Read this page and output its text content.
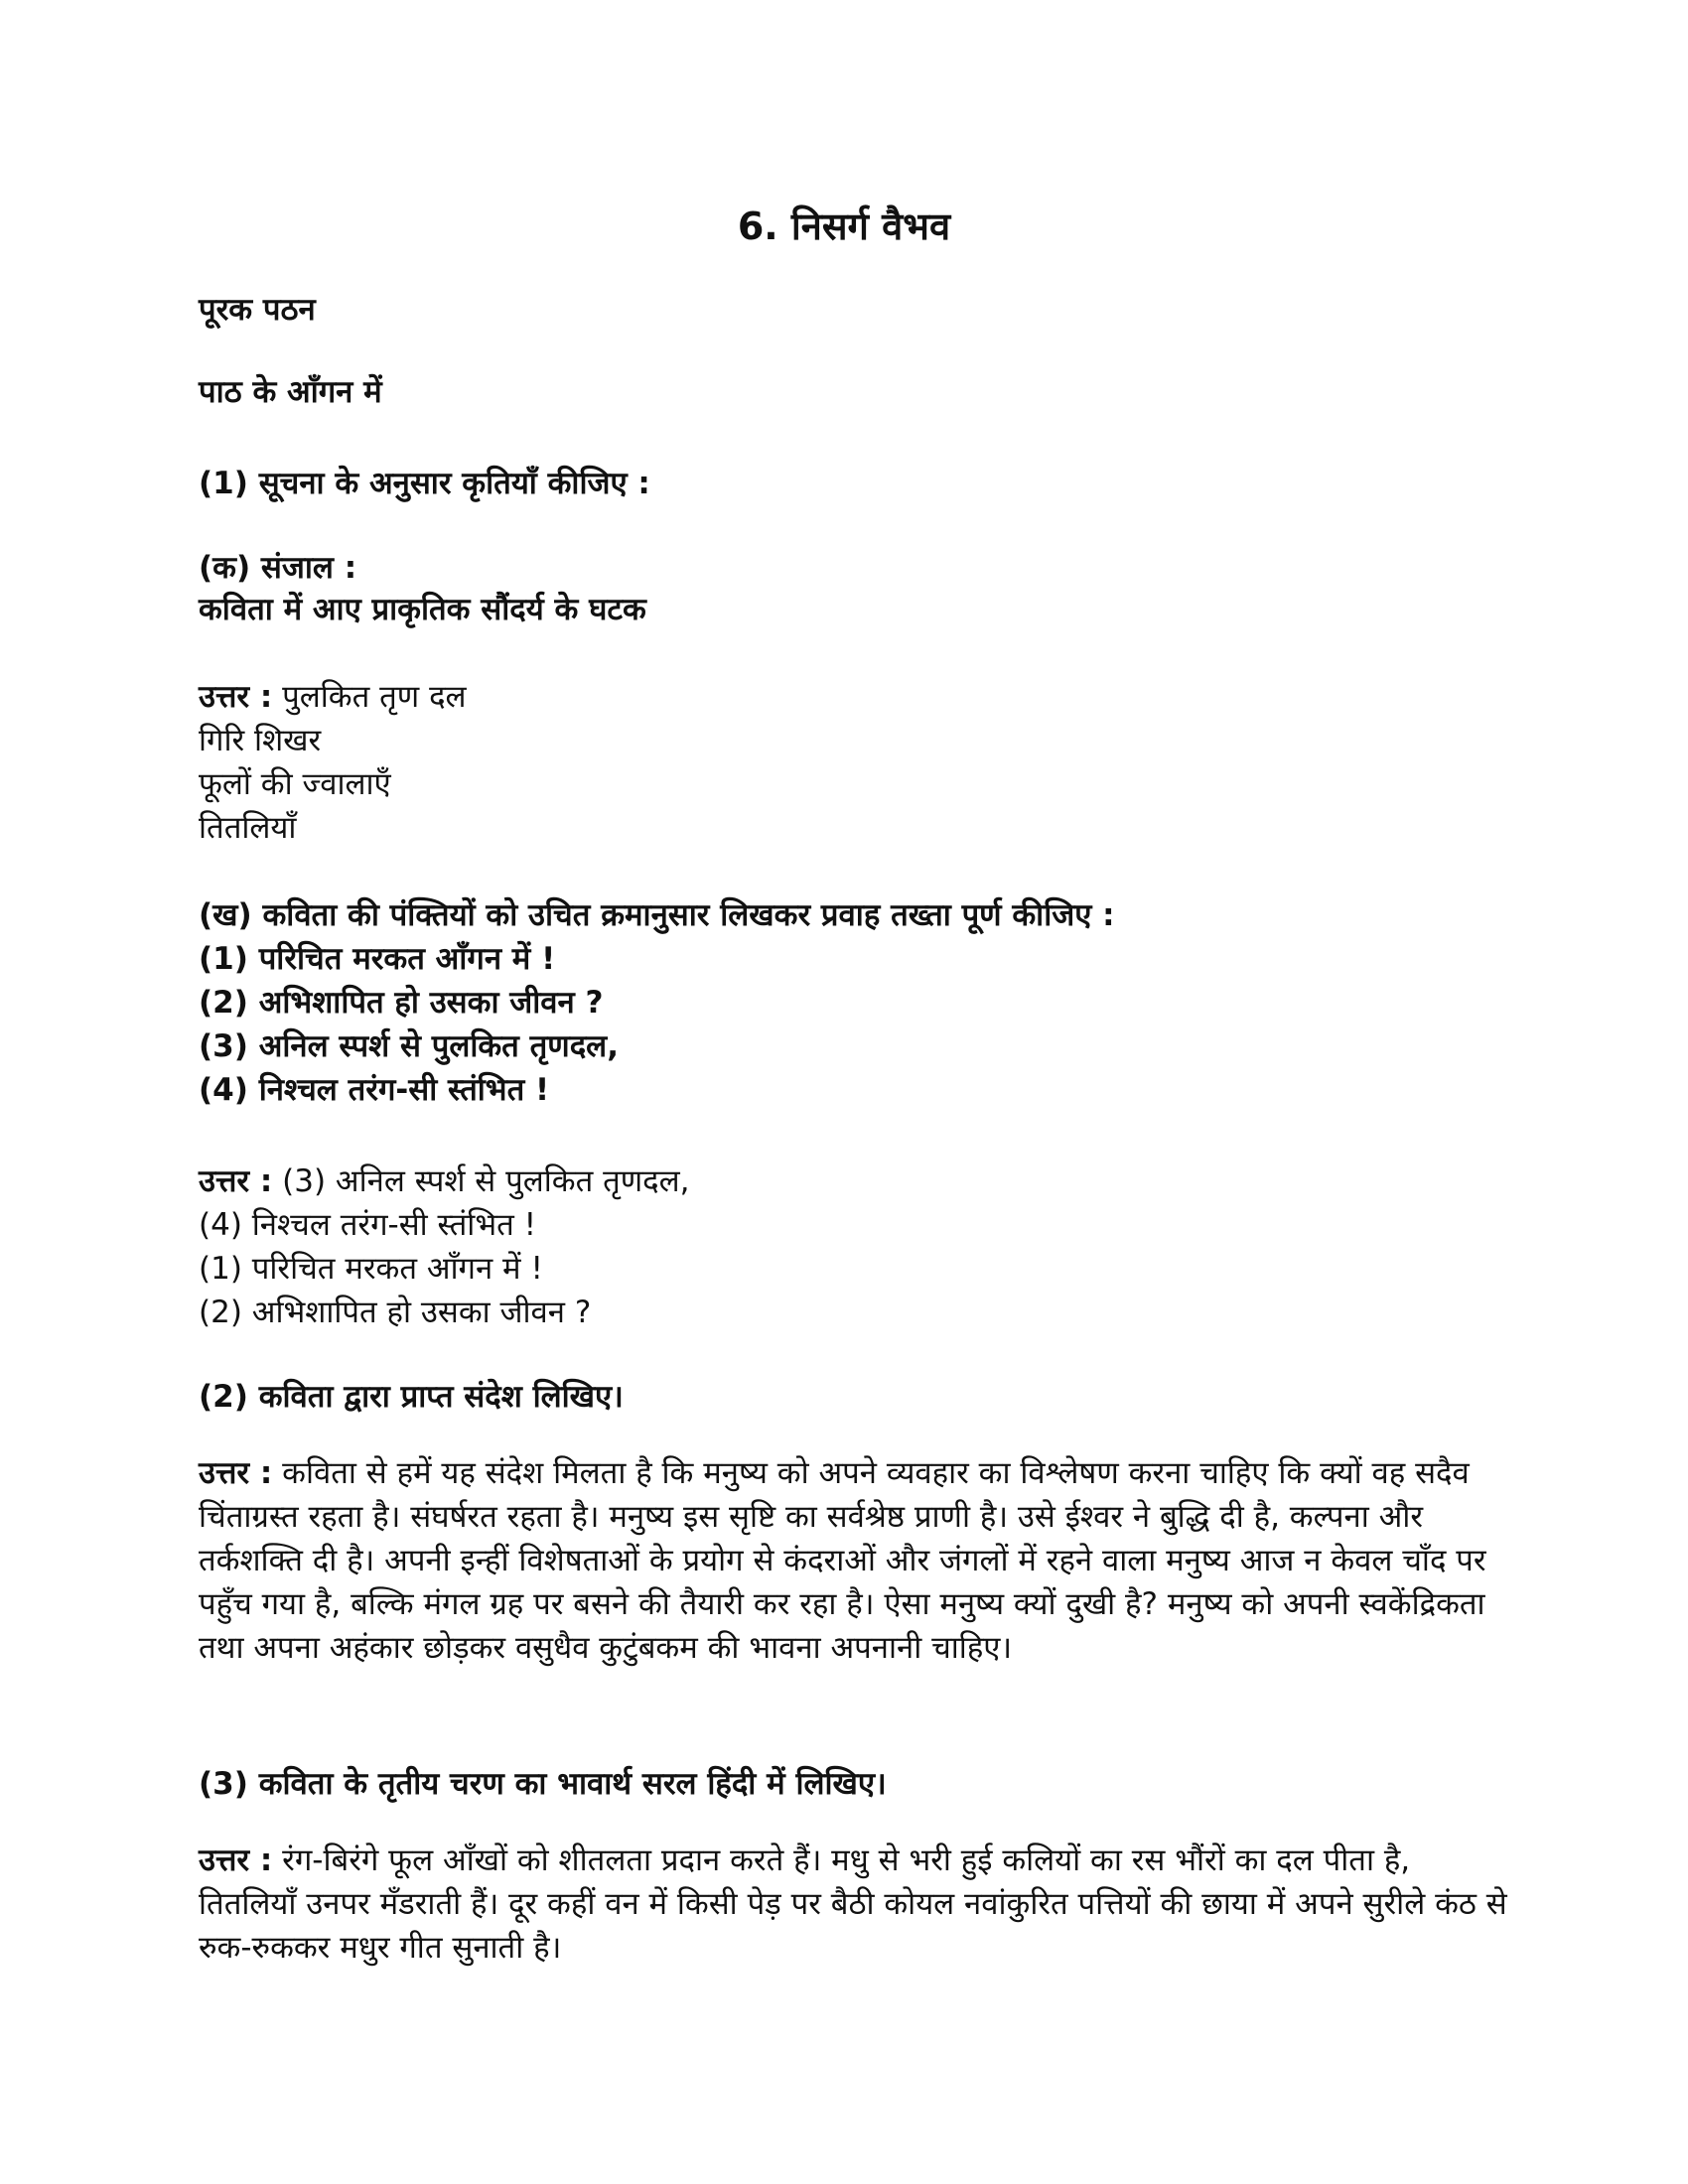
6. निसर्ग वैभव
पूरक पठन
पाठ के आँगन में
(1) सूचना के अनुसार कृतियाँ कीजिए :
(क) संजाल :
कविता में आए प्राकृतिक सौंदर्य के घटक
उत्तर : पुलकित तृण दल
गिरि शिखर
फूलों की ज्वालाएँ
तितलियाँ
(ख) कविता की पंक्तियों को उचित क्रमानुसार लिखकर प्रवाह तख्ता पूर्ण कीजिए :
(1) परिचित मरकत आँगन में !
(2) अभिशापित हो उसका जीवन ?
(3) अनिल स्पर्श से पुलकित तृणदल,
(4) निश्चल तरंग-सी स्तंभित !
उत्तर : (3) अनिल स्पर्श से पुलकित तृणदल,
(4) निश्चल तरंग-सी स्तंभित !
(1) परिचित मरकत आँगन में !
(2) अभिशापित हो उसका जीवन ?
(2) कविता द्वारा प्राप्त संदेश लिखिए।
उत्तर : कविता से हमें यह संदेश मिलता है कि मनुष्य को अपने व्यवहार का विश्लेषण करना चाहिए कि क्यों वह सदैव चिंताग्रस्त रहता है। संघर्षरत रहता है। मनुष्य इस सृष्टि का सर्वश्रेष्ठ प्राणी है। उसे ईश्वर ने बुद्धि दी है, कल्पना और तर्कशक्ति दी है। अपनी इन्हीं विशेषताओं के प्रयोग से कंदराओं और जंगलों में रहने वाला मनुष्य आज न केवल चाँद पर पहुँच गया है, बल्कि मंगल ग्रह पर बसने की तैयारी कर रहा है। ऐसा मनुष्य क्यों दुखी है? मनुष्य को अपनी स्वकेंद्रिकता तथा अपना अहंकार छोड़कर वसुधैव कुटुंबकम की भावना अपनानी चाहिए।
(3) कविता के तृतीय चरण का भावार्थ सरल हिंदी में लिखिए।
उत्तर : रंग-बिरंगे फूल आँखों को शीतलता प्रदान करते हैं। मधु से भरी हुई कलियों का रस भौंरों का दल पीता है, तितलियाँ उनपर मँडराती हैं। दूर कहीं वन में किसी पेड़ पर बैठी कोयल नवांकुरित पत्तियों की छाया में अपने सुरीले कंठ से रुक-रुककर मधुर गीत सुनाती है।
